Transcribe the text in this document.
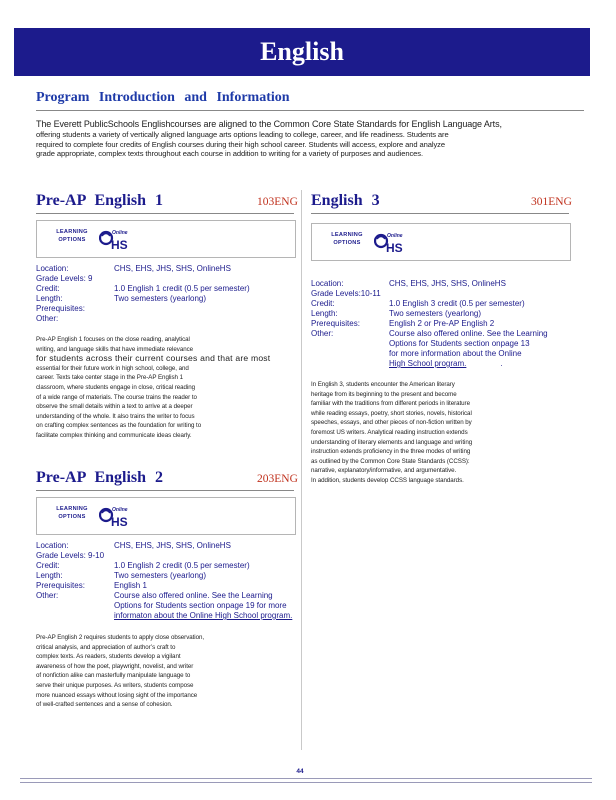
English
Program Introduction and Information
The Everett PublicSchools Englishcourses are aligned to the Common Core State Standards for English Language Arts,
offering students a variety of vertically aligned language arts options leading to college, career, and life readiness. Students are
required to complete four credits of English courses during their high school career. Students will access, explore and analyze
grade appropriate, complex texts throughout each course in addition to writing for a variety of purposes and audiences.
Pre-AP English 1	103ENG
LEARNING
OPTIONS
Online
HS
Location:	CHS, EHS, JHS, SHS, OnlineHS
Grade Levels: 9
Credit:	1.0 English 1 credit (0.5 per semester)
Length:	Two semesters (yearlong)
Prerequisites:
Other:
Pre-AP English 1 focuses on the close reading, analytical
writing, and language skills that have immediate relevance
for students across their current courses and that are most
essential for their future work in high school, college, and
career. Texts take center stage in the Pre-AP English 1
classroom, where students engage in close, critical reading
of a wide range of materials. The course trains the reader to
observe the small details within a text to arrive at a deeper
understanding of the whole. It also trains the writer to focus
on crafting complex sentences as the foundation for writing to
facilitate complex thinking and communicate ideas clearly.
Pre-AP English 2	203ENG
LEARNING
OPTIONS
Online
HS
Location:	CHS, EHS, JHS, SHS, OnlineHS
Grade Levels: 9-10
Credit:	1.0 English 2 credit (0.5 per semester)
Length:	Two semesters (yearlong)
Prerequisites:	English 1
Other:	Course also offered online. See the Learning
Options for Students section onpage 19 for more
informaton about the Online High School program.
Pre-AP English 2 requires students to apply close observation,
critical analysis, and appreciation of author’s craft to
complex texts. As readers, students develop a vigilant
awareness of how the poet, playwright, novelist, and writer
of nonfiction alike can masterfully manipulate language to
serve their unique purposes. As writers, students compose
more nuanced essays without losing sight of the importance
of well-crafted sentences and a sense of cohesion.
English 3	301ENG
LEARNING
OPTIONS
Online
HS
Location:	CHS, EHS, JHS, SHS, OnlineHS
Grade Levels:10-11
Credit:	1.0 English 3 credit (0.5 per semester)
Length:	Two semesters (yearlong)
Prerequisites:	English 2 or Pre-AP English 2
Other:	Course also offered online. See the Learning
Options for Students section onpage 13
for more information about the Online
High School program.	.
In English 3, students encounter the American literary
heritage from its beginning to the present and become
familiar with the traditions from different periods in literature
while reading essays, poetry, short stories, novels, historical
speeches, essays, and other pieces of non-fiction written by
foremost US writers. Analytical reading instruction extends
understanding of literary elements and language and writing
instruction extends proficiency in the three modes of writing
as outlined by the Common Core State Standards (CCSS):
narrative, explanatory/informative, and argumentative.
In addition, students develop CCSS language standards.
44
